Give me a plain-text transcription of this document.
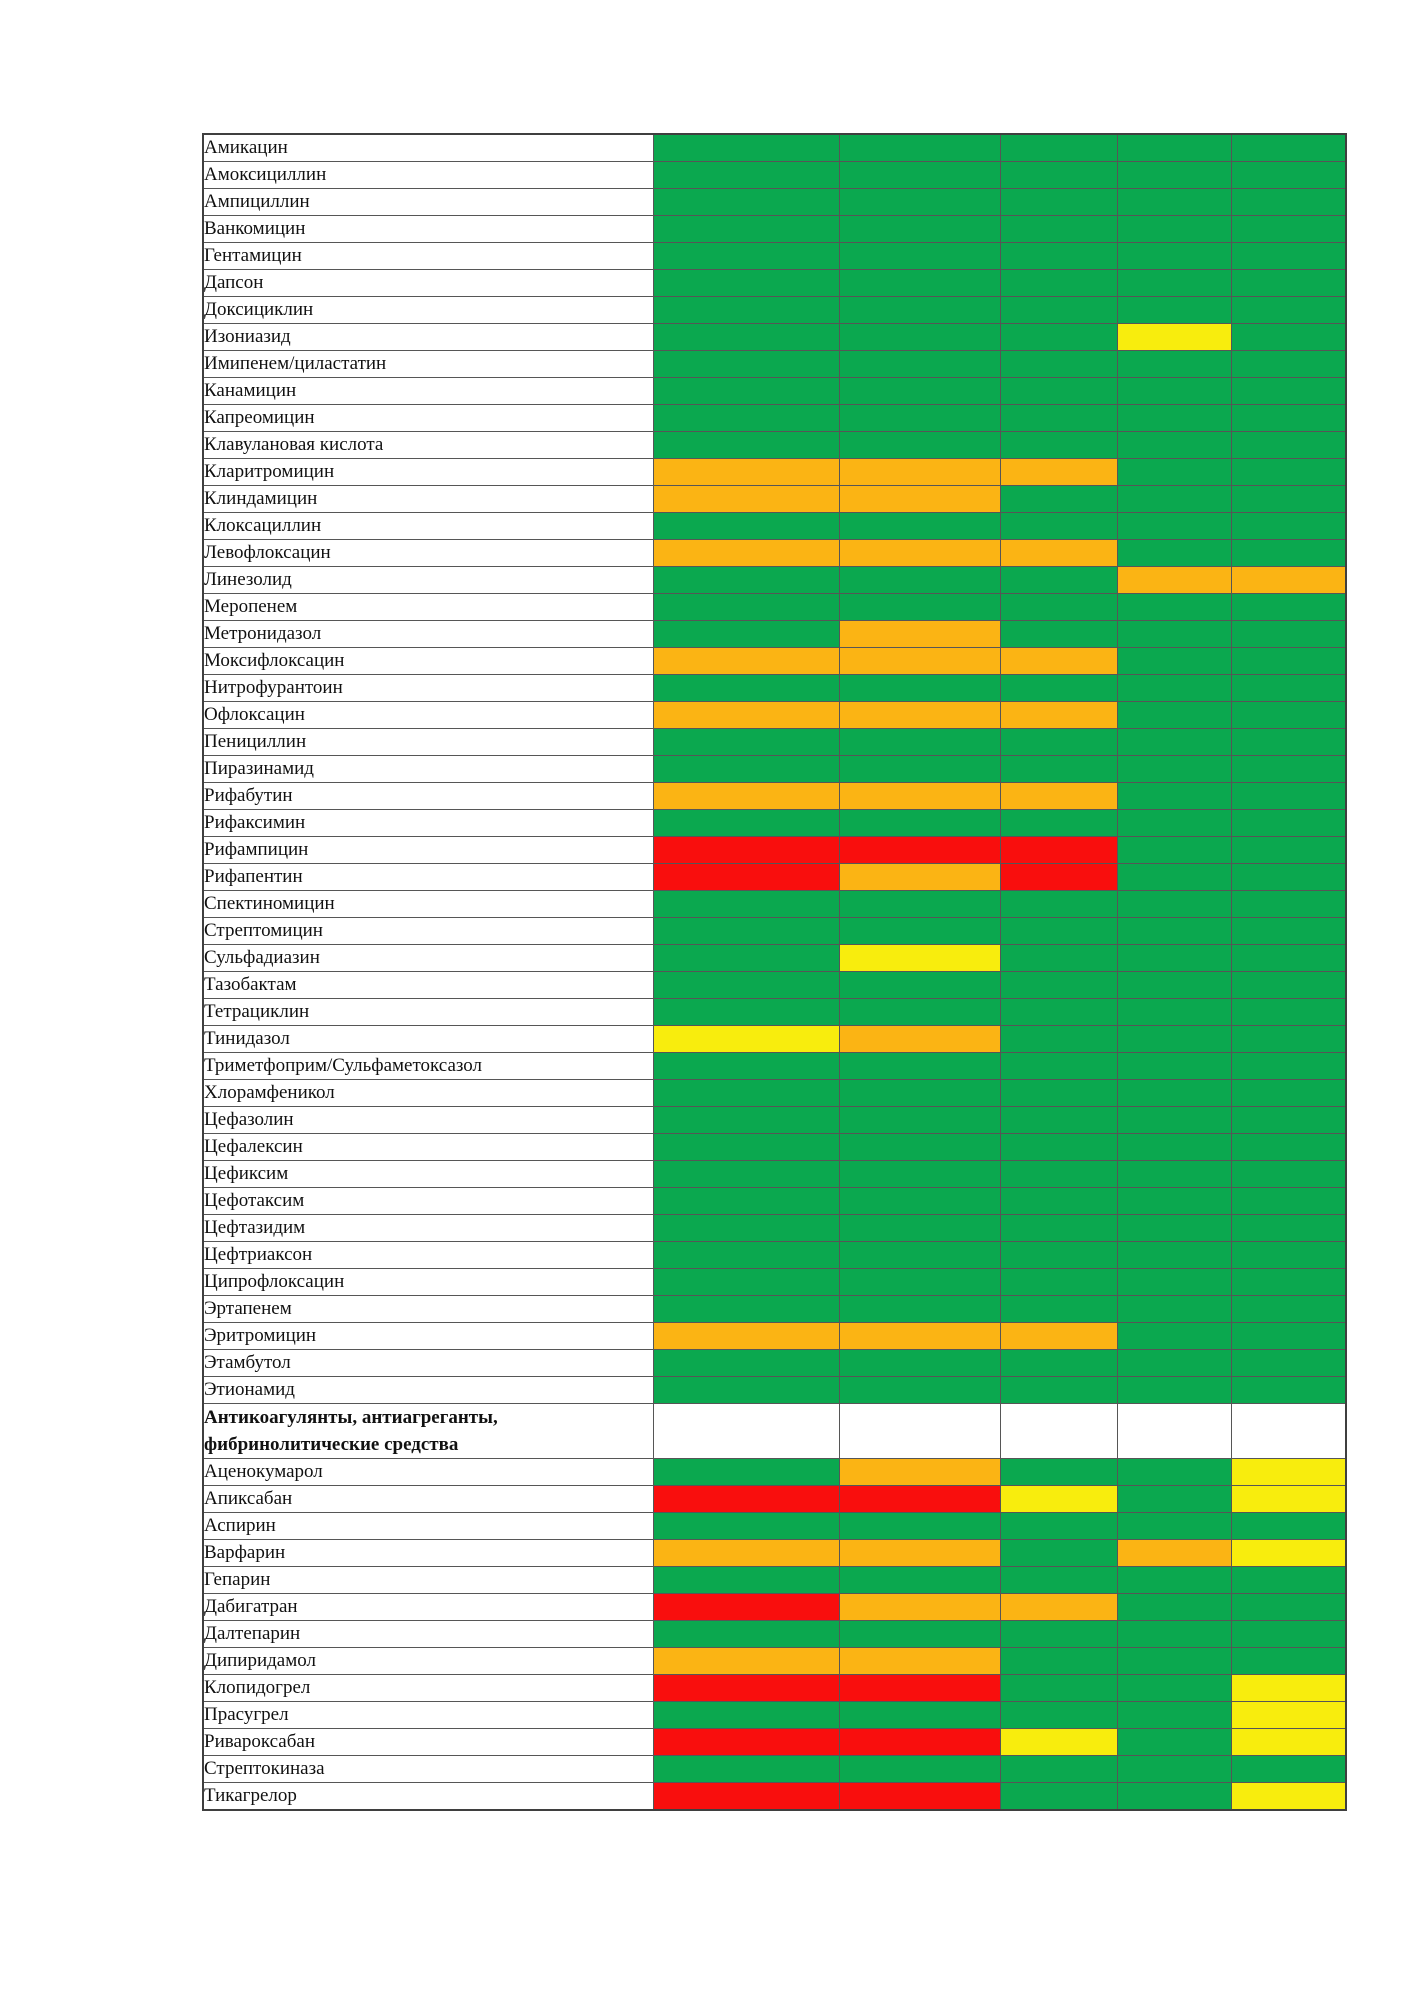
Амикацин					
Амоксициллин					
Ампициллин					
Ванкомицин					
Гентамицин					
Дапсон					
Доксициклин					
Изониазид					
Имипенем/циластатин					
Канамицин					
Капреомицин					
Клавулановая кислота					
Кларитромицин					
Клиндамицин					
Клоксациллин					
Левофлоксацин					
Линезолид					
Меропенем					
Метронидазол					
Моксифлоксацин					
Нитрофурантоин					
Офлоксацин					
Пенициллин					
Пиразинамид					
Рифабутин					
Рифаксимин					
Рифампицин					
Рифапентин					
Спектиномицин					
Стрептомицин					
Сульфадиазин					
Тазобактам					
Тетрациклин					
Тинидазол					
Триметфоприм/Сульфаметоксазол					
Хлорамфеникол					
Цефазолин					
Цефалексин					
Цефиксим					
Цефотаксим					
Цефтазидим					
Цефтриаксон					
Ципрофлоксацин					
Эртапенем					
Эритромицин					
Этамбутол					
Этионамид					
Антикоагулянты, антиагреганты, фибринолитические средства					
Аценокумарол					
Апиксабан					
Аспирин					
Варфарин					
Гепарин					
Дабигатран					
Далтепарин					
Дипиридамол					
Клопидогрел					
Прасугрел					
Ривароксабан					
Стрептокиназа					
Тикагрелор					
